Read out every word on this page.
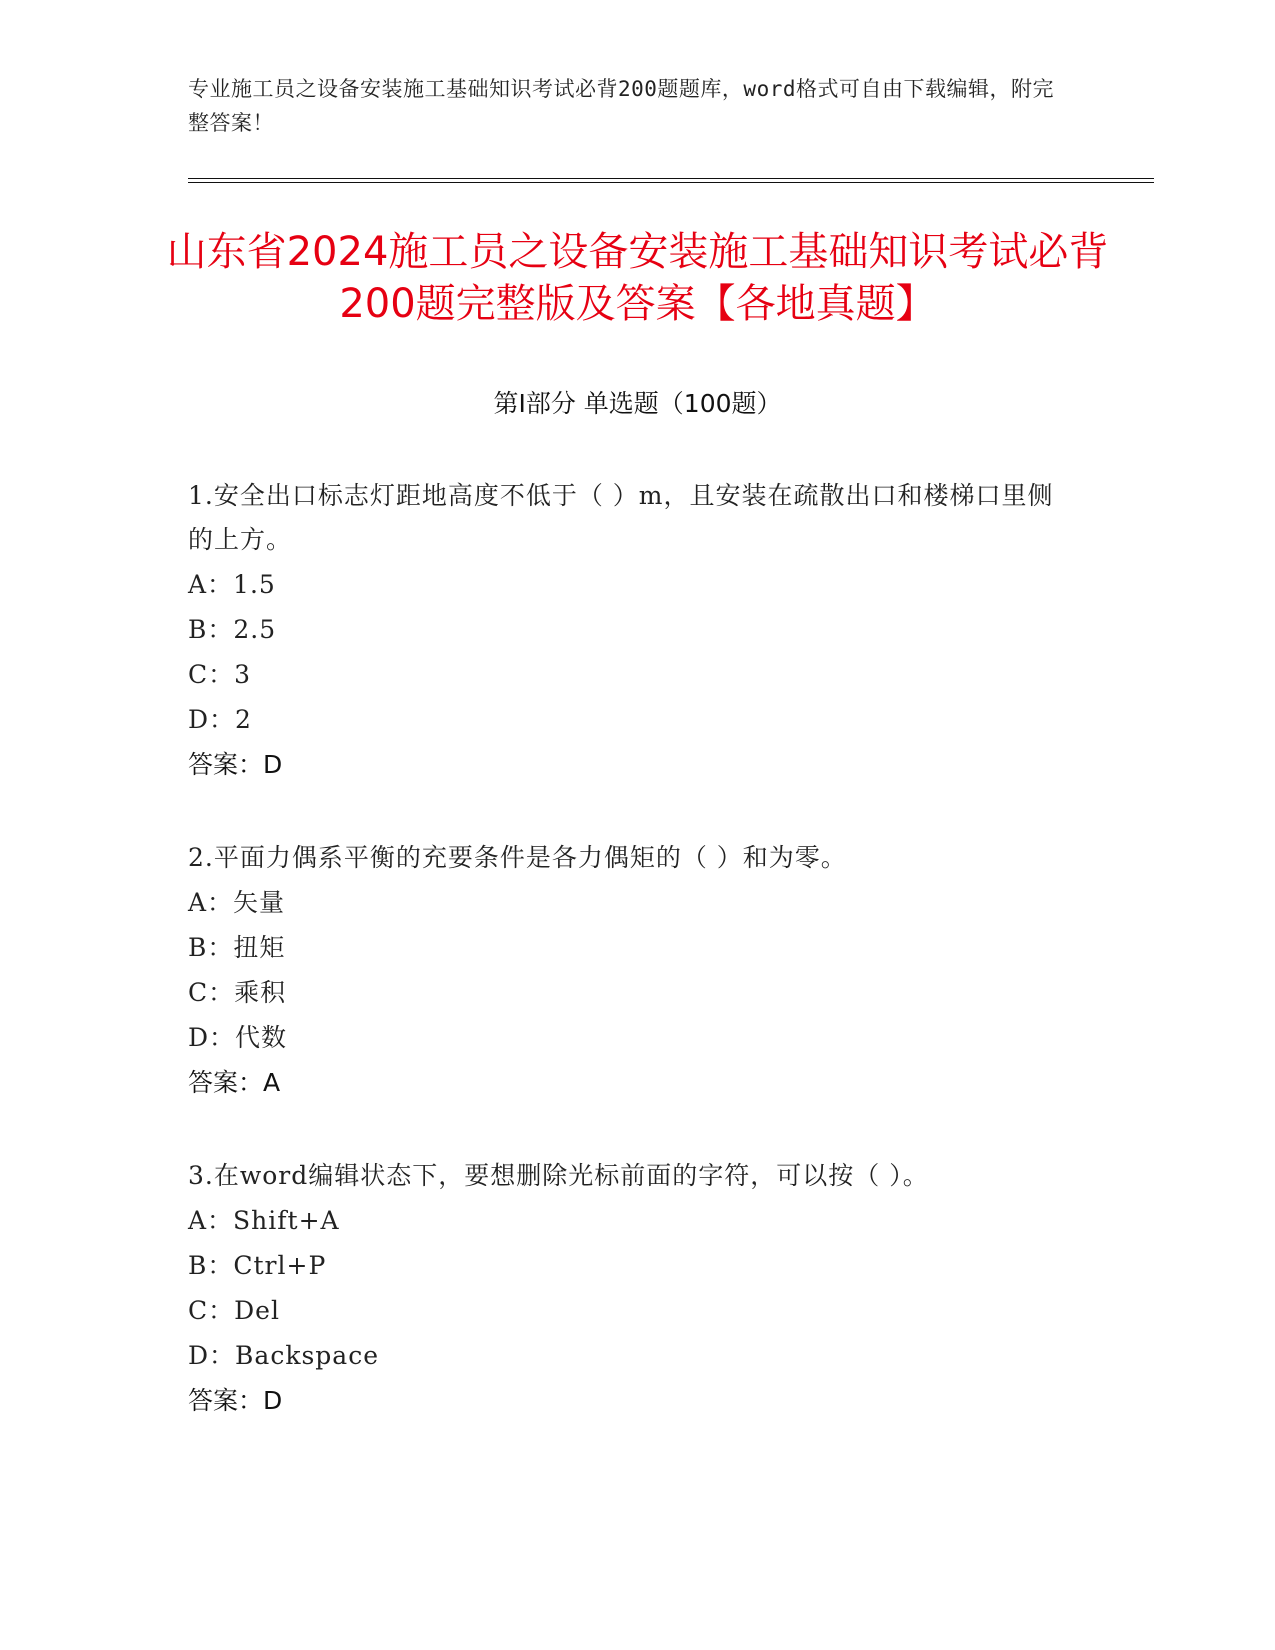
专业施工员之设备安装施工基础知识考试必背200题题库，word格式可自由下载编辑，附完整答案！
山东省2024施工员之设备安装施工基础知识考试必背200题完整版及答案【各地真题】
第Ⅰ部分 单选题（100题）
1.安全出口标志灯距地高度不低于（ ）m，且安装在疏散出口和楼梯口里侧的上方。
A：1.5
B：2.5
C：3
D：2
答案：D
2.平面力偶系平衡的充要条件是各力偶矩的（ ）和为零。
A：矢量
B：扭矩
C：乘积
D：代数
答案：A
3.在word编辑状态下，要想删除光标前面的字符，可以按（ ）。
A：Shift+A
B：Ctrl+P
C：Del
D：Backspace
答案：D
